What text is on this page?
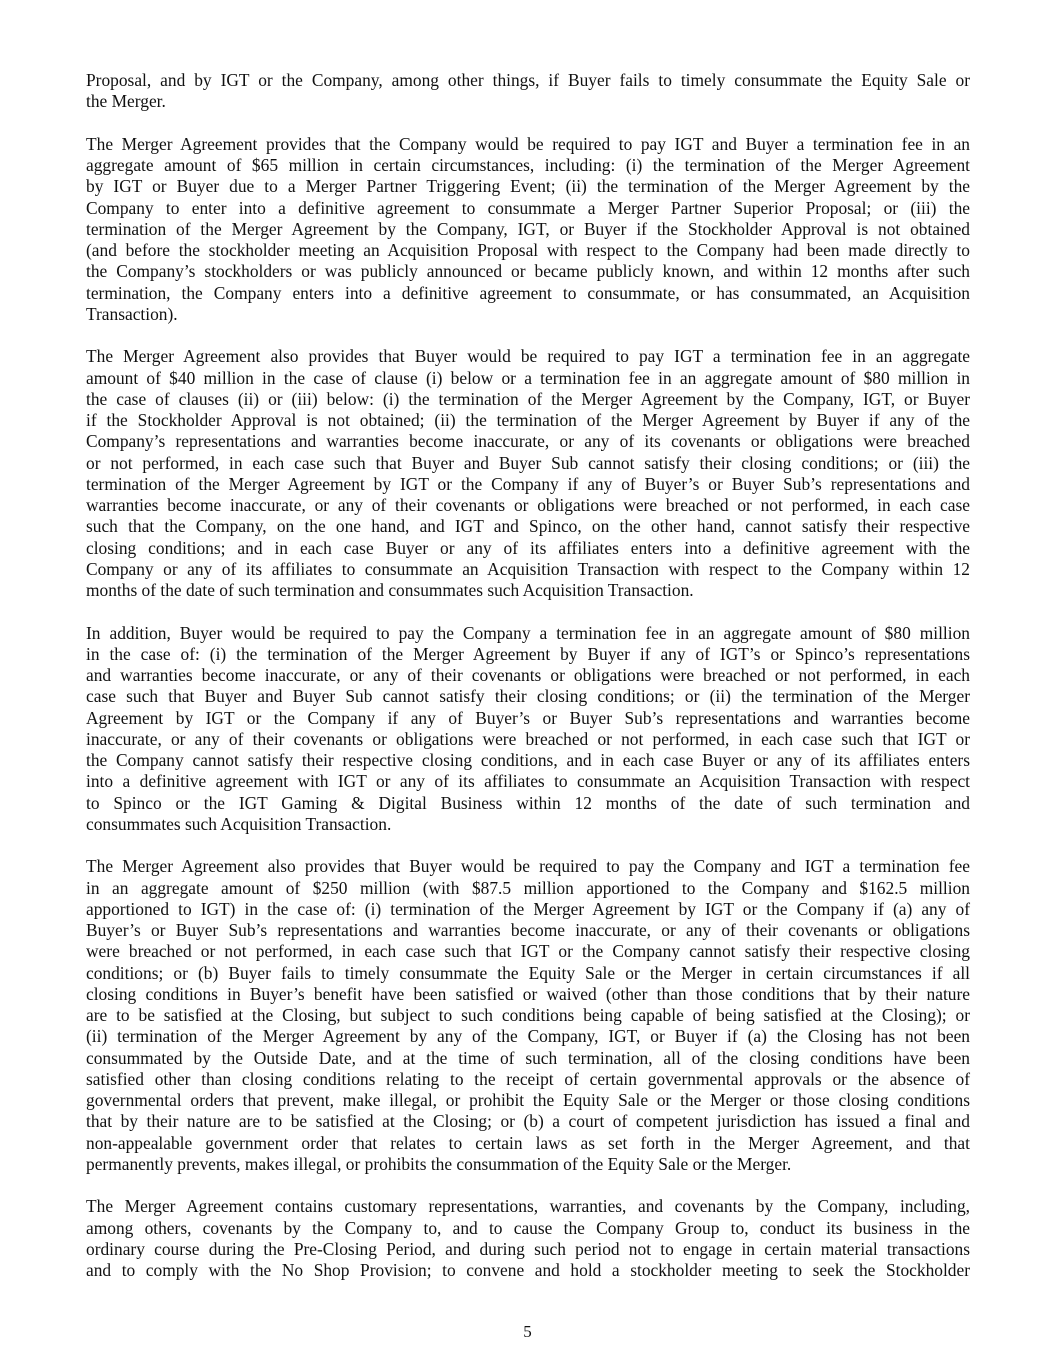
Proposal, and by IGT or the Company, among other things, if Buyer fails to timely consummate the Equity Sale or
the Merger.
The Merger Agreement provides that the Company would be required to pay IGT and Buyer a termination fee in an
aggregate amount of $65 million in certain circumstances, including: (i) the termination of the Merger Agreement
by IGT or Buyer due to a Merger Partner Triggering Event; (ii) the termination of the Merger Agreement by the
Company to enter into a definitive agreement to consummate a Merger Partner Superior Proposal; or (iii) the
termination of the Merger Agreement by the Company, IGT, or Buyer if the Stockholder Approval is not obtained
(and before the stockholder meeting an Acquisition Proposal with respect to the Company had been made directly to
the Company’s stockholders or was publicly announced or became publicly known, and within 12 months after such
termination, the Company enters into a definitive agreement to consummate, or has consummated, an Acquisition
Transaction).
The Merger Agreement also provides that Buyer would be required to pay IGT a termination fee in an aggregate
amount of $40 million in the case of clause (i) below or a termination fee in an aggregate amount of $80 million in
the case of clauses (ii) or (iii) below: (i) the termination of the Merger Agreement by the Company, IGT, or Buyer
if the Stockholder Approval is not obtained; (ii) the termination of the Merger Agreement by Buyer if any of the
Company’s representations and warranties become inaccurate, or any of its covenants or obligations were breached
or not performed, in each case such that Buyer and Buyer Sub cannot satisfy their closing conditions; or (iii) the
termination of the Merger Agreement by IGT or the Company if any of Buyer’s or Buyer Sub’s representations and
warranties become inaccurate, or any of their covenants or obligations were breached or not performed, in each case
such that the Company, on the one hand, and IGT and Spinco, on the other hand, cannot satisfy their respective
closing conditions; and in each case Buyer or any of its affiliates enters into a definitive agreement with the
Company or any of its affiliates to consummate an Acquisition Transaction with respect to the Company within 12
months of the date of such termination and consummates such Acquisition Transaction.
In addition, Buyer would be required to pay the Company a termination fee in an aggregate amount of $80 million
in the case of: (i) the termination of the Merger Agreement by Buyer if any of IGT’s or Spinco’s representations
and warranties become inaccurate, or any of their covenants or obligations were breached or not performed, in each
case such that Buyer and Buyer Sub cannot satisfy their closing conditions; or (ii) the termination of the Merger
Agreement by IGT or the Company if any of Buyer’s or Buyer Sub’s representations and warranties become
inaccurate, or any of their covenants or obligations were breached or not performed, in each case such that IGT or
the Company cannot satisfy their respective closing conditions, and in each case Buyer or any of its affiliates enters
into a definitive agreement with IGT or any of its affiliates to consummate an Acquisition Transaction with respect
to Spinco or the IGT Gaming & Digital Business within 12 months of the date of such termination and
consummates such Acquisition Transaction.
The Merger Agreement also provides that Buyer would be required to pay the Company and IGT a termination fee
in an aggregate amount of $250 million (with $87.5 million apportioned to the Company and $162.5 million
apportioned to IGT) in the case of: (i) termination of the Merger Agreement by IGT or the Company if (a) any of
Buyer’s or Buyer Sub’s representations and warranties become inaccurate, or any of their covenants or obligations
were breached or not performed, in each case such that IGT or the Company cannot satisfy their respective closing
conditions; or (b) Buyer fails to timely consummate the Equity Sale or the Merger in certain circumstances if all
closing conditions in Buyer’s benefit have been satisfied or waived (other than those conditions that by their nature
are to be satisfied at the Closing, but subject to such conditions being capable of being satisfied at the Closing); or
(ii) termination of the Merger Agreement by any of the Company, IGT, or Buyer if (a) the Closing has not been
consummated by the Outside Date, and at the time of such termination, all of the closing conditions have been
satisfied other than closing conditions relating to the receipt of certain governmental approvals or the absence of
governmental orders that prevent, make illegal, or prohibit the Equity Sale or the Merger or those closing conditions
that by their nature are to be satisfied at the Closing; or (b) a court of competent jurisdiction has issued a final and
non-appealable government order that relates to certain laws as set forth in the Merger Agreement, and that
permanently prevents, makes illegal, or prohibits the consummation of the Equity Sale or the Merger.
The Merger Agreement contains customary representations, warranties, and covenants by the Company, including,
among others, covenants by the Company to, and to cause the Company Group to, conduct its business in the
ordinary course during the Pre-Closing Period, and during such period not to engage in certain material transactions
and to comply with the No Shop Provision; to convene and hold a stockholder meeting to seek the Stockholder
5
